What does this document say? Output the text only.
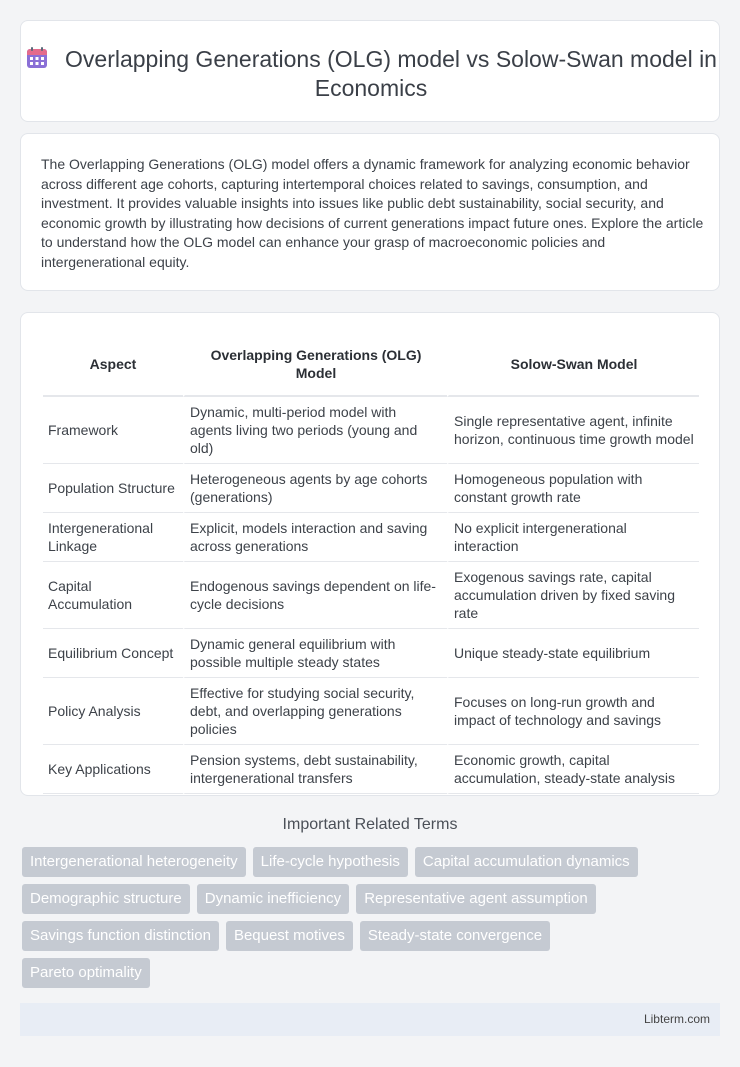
Overlapping Generations (OLG) model vs Solow-Swan model in Economics

The Overlapping Generations (OLG) model offers a dynamic framework for analyzing economic behavior across different age cohorts, capturing intertemporal choices related to savings, consumption, and investment. It provides valuable insights into issues like public debt sustainability, social security, and economic growth by illustrating how decisions of current generations impact future ones. Explore the article to understand how the OLG model can enhance your grasp of macroeconomic policies and intergenerational equity.

Aspect	Overlapping Generations (OLG) Model	Solow-Swan Model
Framework	Dynamic, multi-period model with agents living two periods (young and old)	Single representative agent, infinite horizon, continuous time growth model
Population Structure	Heterogeneous agents by age cohorts (generations)	Homogeneous population with constant growth rate
Intergenerational Linkage	Explicit, models interaction and saving across generations	No explicit intergenerational interaction
Capital Accumulation	Endogenous savings dependent on life-cycle decisions	Exogenous savings rate, capital accumulation driven by fixed saving rate
Equilibrium Concept	Dynamic general equilibrium with possible multiple steady states	Unique steady-state equilibrium
Policy Analysis	Effective for studying social security, debt, and overlapping generations policies	Focuses on long-run growth and impact of technology and savings
Key Applications	Pension systems, debt sustainability, intergenerational transfers	Economic growth, capital accumulation, steady-state analysis
Important Related Terms
Intergenerational heterogeneity	Life-cycle hypothesis	Capital accumulation dynamics
Demographic structure	Dynamic inefficiency	Representative agent assumption
Savings function distinction	Bequest motives	Steady-state convergence
Pareto optimality
Libterm.com
